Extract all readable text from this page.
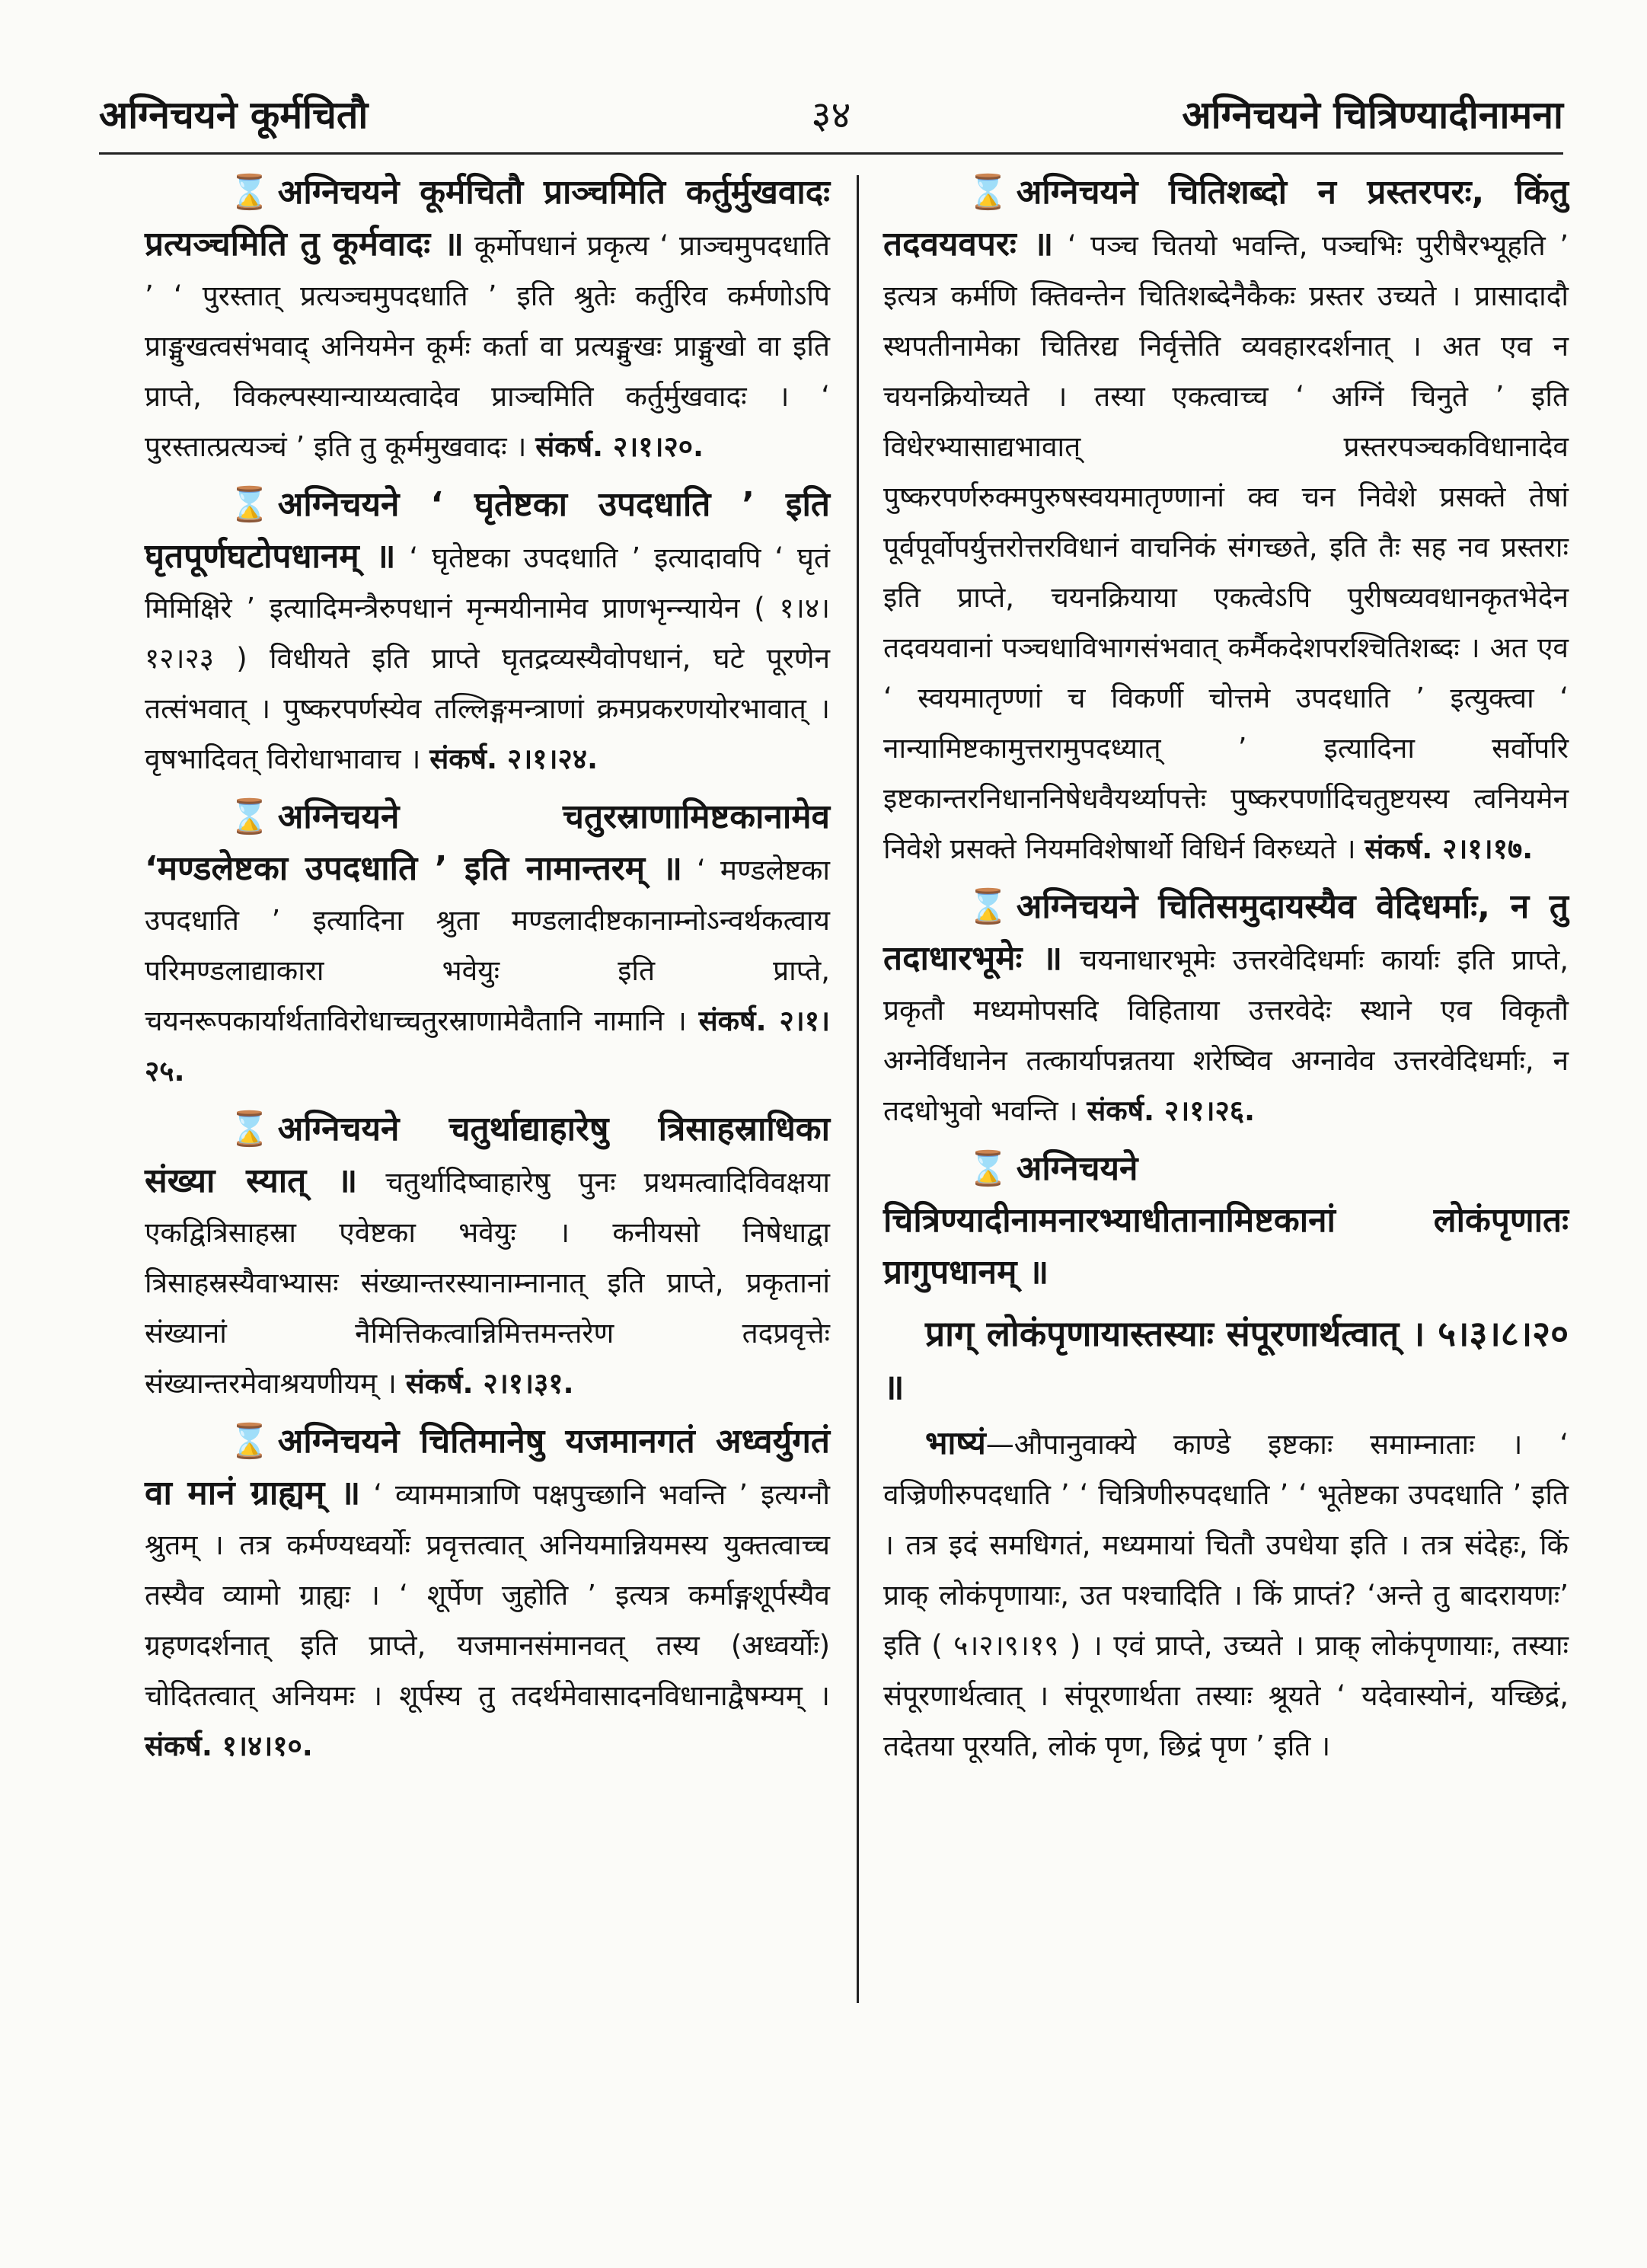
अग्निचयने कूर्मचितौ	३४	अग्निचयने चित्रिण्यादीनामना

⌛ अग्निचयने कूर्मचितौ प्राञ्चमिति कर्तुर्मुखवादः प्रत्यञ्चमिति तु कूर्मवादः ॥ कूर्मोपधानं प्रकृत्य ‘ प्राञ्चमुपदधाति ’ ‘ पुरस्तात् प्रत्यञ्चमुपदधाति ’ इति श्रुतेः कर्तुरिव कर्मणोऽपि प्राङ्मुखत्वसंभवाद् अनियमेन कूर्मः कर्ता वा प्रत्यङ्मुखः प्राङ्मुखो वा इति प्राप्ते, विकल्पस्यान्याय्यत्वादेव प्राञ्चमिति कर्तुर्मुखवादः । ‘ पुरस्तात्प्रत्यञ्चं ’ इति तु कूर्ममुखवादः । संकर्ष. २।१।२०.

⌛ अग्निचयने ‘ घृतेष्टका उपदधाति ’ इति घृतपूर्णघटोपधानम् ॥ ‘ घृतेष्टका उपदधाति ’ इत्यादावपि ‘ घृतं मिमिक्षिरे ’ इत्यादिमन्त्रैरुपधानं मृन्मयीनामेव प्राणभृन्न्यायेन ( १।४।१२।२३ ) विधीयते इति प्राप्ते घृतद्रव्यस्यैवोपधानं, घटे पूरणेन तत्संभवात् । पुष्करपर्णस्येव तल्लिङ्गमन्त्राणां क्रमप्रकरणयोरभावात् । वृषभादिवत् विरोधाभावाच । संकर्ष. २।१।२४.

⌛ अग्निचयने चतुरस्राणामिष्टकानामेव ‘मण्डलेष्टका उपदधाति ’ इति नामान्तरम् ॥ ‘ मण्डलेष्टका उपदधाति ’ इत्यादिना श्रुता मण्डलादीष्टकानाम्नोऽन्वर्थकत्वाय परिमण्डलाद्याकारा भवेयुः इति प्राप्ते, चयनरूपकार्यार्थताविरोधाच्चतुरस्राणामेवैतानि नामानि । संकर्ष. २।१।२५.

⌛ अग्निचयने चतुर्थाद्याहारेषु त्रिसाहस्राधिका संख्या स्यात् ॥ चतुर्थादिष्वाहारेषु पुनः प्रथमत्वादिविवक्षया एकद्वित्रिसाहस्रा एवेष्टका भवेयुः । कनीयसो निषेधाद्वा त्रिसाहस्रस्यैवाभ्यासः संख्यान्तरस्यानाम्नानात् इति प्राप्ते, प्रकृतानां संख्यानां नैमित्तिकत्वान्निमित्तमन्तरेण तदप्रवृत्तेः संख्यान्तरमेवाश्रयणीयम् । संकर्ष. २।१।३१.

⌛ अग्निचयने चितिमानेषु यजमानगतं अध्वर्युगतं वा मानं ग्राह्यम् ॥ ‘ व्याममात्राणि पक्षपुच्छानि भवन्ति ’ इत्यग्नौ श्रुतम् । तत्र कर्मण्यध्वर्योः प्रवृत्तत्वात् अनियमान्नियमस्य युक्तत्वाच्च तस्यैव व्यामो ग्राह्यः । ‘ शूर्पेण जुहोति ’ इत्यत्र कर्माङ्गशूर्पस्यैव ग्रहणदर्शनात् इति प्राप्ते, यजमानसंमानवत् तस्य (अध्वर्योः) चोदितत्वात् अनियमः । शूर्पस्य तु तदर्थमेवासादनविधानाद्वैषम्यम् । संकर्ष. १।४।१०.

⌛ अग्निचयने चितिशब्दो न प्रस्तरपरः, किंतु तदवयवपरः ॥ ‘ पञ्च चितयो भवन्ति, पञ्चभिः पुरीषैरभ्यूहति ’ इत्यत्र कर्मणि क्तिवन्तेन चितिशब्देनैकैकः प्रस्तर उच्यते । प्रासादादौ स्थपतीनामेका चितिरद्य निर्वृत्तेति व्यवहारदर्शनात् । अत एव न चयनक्रियोच्यते । तस्या एकत्वाच्च ‘ अग्निं चिनुते ’ इति विधेरभ्यासाद्यभावात् प्रस्तरपञ्चकविधानादेव पुष्करपर्णरुक्मपुरुषस्वयमातृण्णानां क्व चन निवेशे प्रसक्ते तेषां पूर्वपूर्वोपर्युत्तरोत्तरविधानं वाचनिकं संगच्छते, इति तैः सह नव प्रस्तराः इति प्राप्ते, चयनक्रियाया एकत्वेऽपि पुरीषव्यवधानकृतभेदेन तदवयवानां पञ्चधाविभागसंभवात् कर्मैकदेशपरश्चितिशब्दः । अत एव ‘ स्वयमातृण्णां च विकर्णी चोत्तमे उपदधाति ’ इत्युक्त्वा ‘ नान्यामिष्टकामुत्तरामुपदध्यात् ’ इत्यादिना सर्वोपरि इष्टकान्तरनिधाननिषेधवैयर्थ्यापत्तेः पुष्करपर्णादिचतुष्टयस्य त्वनियमेन निवेशे प्रसक्ते नियमविशेषार्थो विधिर्न विरुध्यते । संकर्ष. २।१।१७.

⌛ अग्निचयने चितिसमुदायस्यैव वेदिधर्माः, न तु तदाधारभूमेः ॥ चयनाधारभूमेः उत्तरवेदिधर्माः कार्याः इति प्राप्ते, प्रकृतौ मध्यमोपसदि विहिताया उत्तरवेदेः स्थाने एव विकृतौ अग्नेर्विधानेन तत्कार्यापन्नतया शरेष्विव अग्नावेव उत्तरवेदिधर्माः, न तदधोभुवो भवन्ति । संकर्ष. २।१।२६.

⌛ अग्निचयने चित्रिण्यादीनामनारभ्याधीतानामिष्टकानां लोकंपृणातः प्रागुपधानम् ॥

प्राग् लोकंपृणायास्तस्याः संपूरणार्थत्वात् । ५।३।८।२० ॥

भाष्यं—औपानुवाक्ये काण्डे इष्टकाः समाम्नाताः । ‘ वज्रिणीरुपदधाति ’ ‘ चित्रिणीरुपदधाति ’ ‘ भूतेष्टका उपदधाति ’ इति । तत्र इदं समधिगतं, मध्यमायां चितौ उपधेया इति । तत्र संदेहः, किं प्राक् लोकंपृणायाः, उत पश्चादिति । किं प्राप्तं? ‘अन्ते तु बादरायणः’ इति ( ५।२।९।१९ ) । एवं प्राप्ते, उच्यते । प्राक् लोकंपृणायाः, तस्याः संपूरणार्थत्वात् । संपूरणार्थता तस्याः श्रूयते ‘ यदेवास्योनं, यच्छिद्रं, तदेतया पूरयति, लोकं पृण, छिद्रं पृण ’ इति ।
